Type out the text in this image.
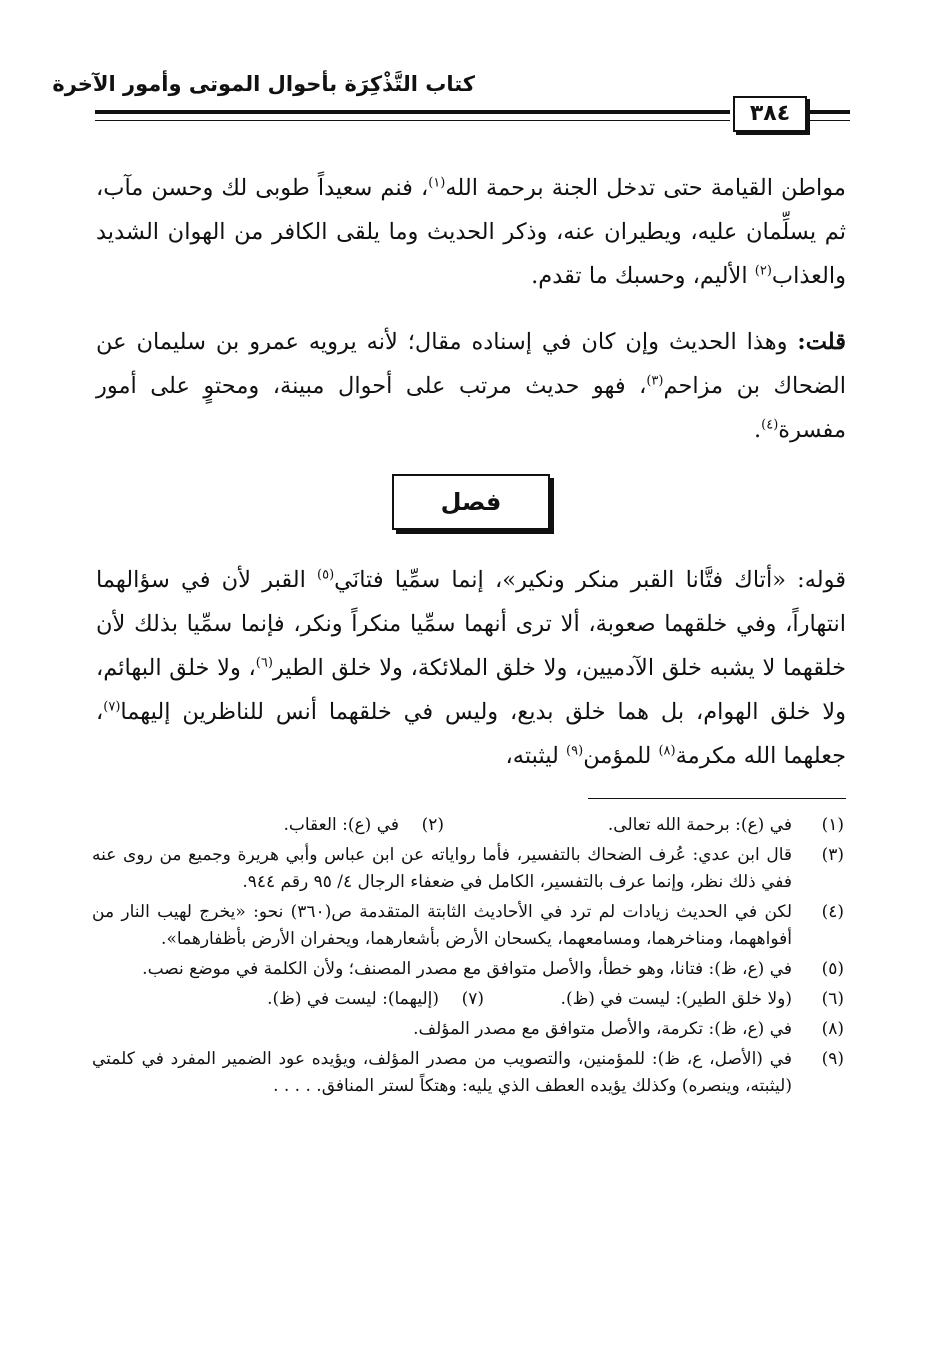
كتاب التَّذْكِرَة بأحوال الموتى وأمور الآخرة
٣٨٤
مواطن القيامة حتى تدخل الجنة برحمة الله$^{(١)}$، فنم سعيداً طوبى لك وحسن مآب، ثم يسلِّمان عليه، ويطيران عنه، وذكر الحديث وما يلقى الكافر من الهوان الشديد والعذاب$^{(٢)}$ الأليم، وحسبك ما تقدم.
قلت: وهذا الحديث وإن كان في إسناده مقال؛ لأنه يرويه عمرو بن سليمان عن الضحاك بن مزاحم$^{(٣)}$، فهو حديث مرتب على أحوال مبينة، ومحتوٍ على أمور مفسرة$^{(٤)}$.
فصل
قوله: «أتاك فتَّانا القبر منكر ونكير»، إنما سمِّيا فتانَي$^{(٥)}$ القبر لأن في سؤالهما انتهاراً، وفي خلقهما صعوبة، ألا ترى أنهما سمِّيا منكراً ونكر، فإنما سمِّيا بذلك لأن خلقهما لا يشبه خلق الآدميين، ولا خلق الملائكة، ولا خلق الطير$^{(٦)}$، ولا خلق البهائم، ولا خلق الهوام، بل هما خلق بديع، وليس في خلقهما أنس للناظرين إليهما$^{(٧)}$، جعلهما الله مكرمة$^{(٨)}$ للمؤمن$^{(٩)}$ ليثبته،
(١)
في (ع): برحمة الله تعالى.
(٢)
في (ع): العقاب.
(٣)
قال ابن عدي: عُرف الضحاك بالتفسير، فأما رواياته عن ابن عباس وأبي هريرة وجميع من روى عنه ففي ذلك نظر، وإنما عرف بالتفسير، الكامل في ضعفاء الرجال ٤/ ٩٥ رقم ٩٤٤.
(٤)
لكن في الحديث زيادات لم ترد في الأحاديث الثابتة المتقدمة ص(٣٦٠) نحو: «يخرج لهيب النار من أفواههما، ومناخرهما، ومسامعهما، يكسحان الأرض بأشعارهما، ويحفران الأرض بأظفارهما».
(٥)
في (ع، ظ): فتانا، وهو خطأ، والأصل متوافق مع مصدر المصنف؛ ولأن الكلمة في موضع نصب.
(٦)
(ولا خلق الطير): ليست في (ظ).
(٧)
(إليهما): ليست في (ظ).
(٨)
في (ع، ظ): تكرمة، والأصل متوافق مع مصدر المؤلف.
(٩)
في (الأصل، ع، ظ): للمؤمنين، والتصويب من مصدر المؤلف، ويؤيده عود الضمير المفرد في كلمتي (ليثبته، وينصره) وكذلك يؤيده العطف الذي يليه: وهتكاً لستر المنافق. . . . .
